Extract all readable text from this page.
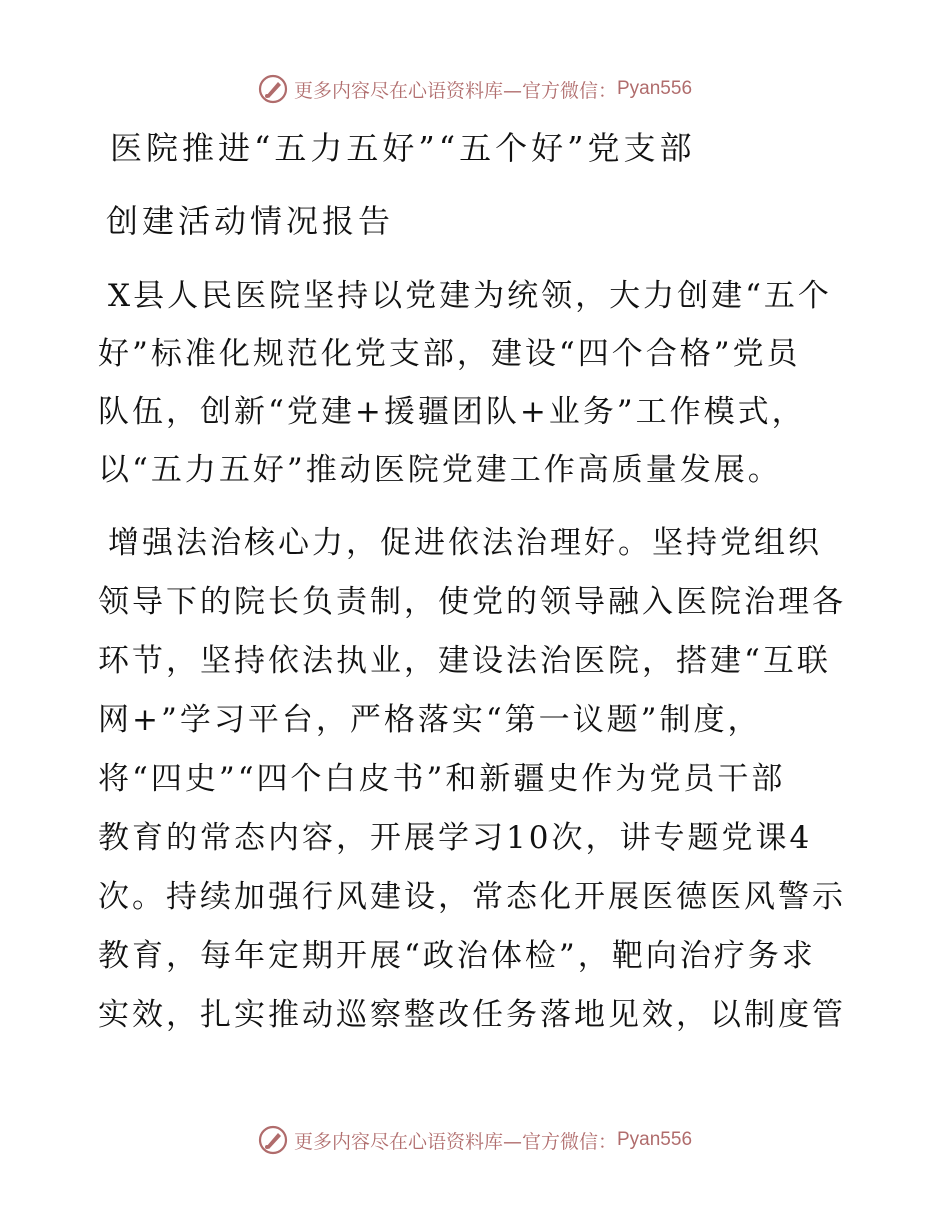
更多内容尽在心语资料库—官方微信： Pyan556
医院推进“五力五好”“五个好”党支部
创建活动情况报告
X县人民医院坚持以党建为统领，大力创建“五个
好”标准化规范化党支部，建设“四个合格”党员
队伍，创新“党建+援疆团队+业务”工作模式，
以“五力五好”推动医院党建工作高质量发展。
增强法治核心力，促进依法治理好。坚持党组织
领导下的院长负责制，使党的领导融入医院治理各
环节，坚持依法执业，建设法治医院，搭建“互联
网+”学习平台，严格落实“第一议题”制度，
将“四史”“四个白皮书”和新疆史作为党员干部
教育的常态内容，开展学习10次，讲专题党课4
次。持续加强行风建设，常态化开展医德医风警示
教育，每年定期开展“政治体检”，靶向治疗务求
实效，扎实推动巡察整改任务落地见效，以制度管
更多内容尽在心语资料库—官方微信： Pyan556
